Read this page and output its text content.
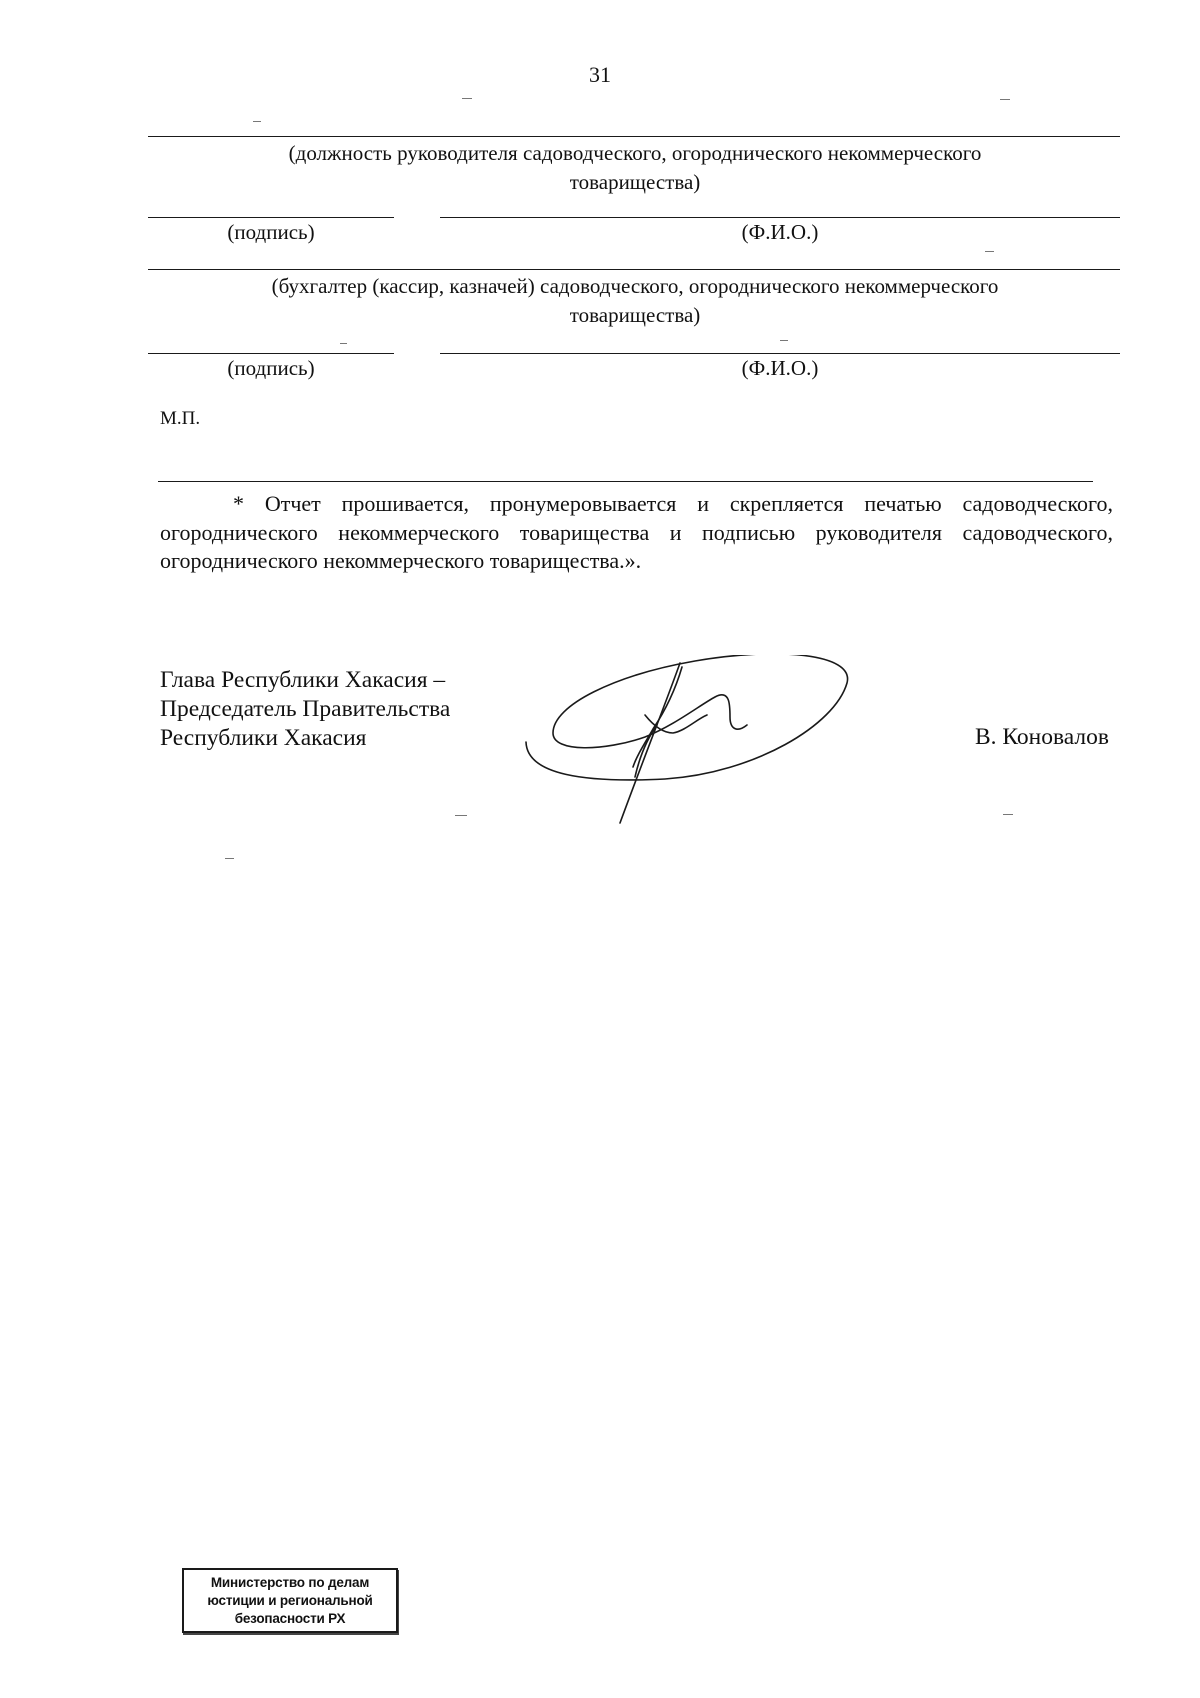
31
(должность руководителя садоводческого, огороднического некоммерческого товарищества)
(подпись)	(Ф.И.О.)
(бухгалтер (кассир, казначей) садоводческого, огороднического некоммерческого товарищества)
(подпись)	(Ф.И.О.)
М.П.
* Отчет прошивается, пронумеровывается и скрепляется печатью садоводческого, огороднического некоммерческого товарищества и подписью руководителя садоводческого, огороднического некоммерческого товарищества.».
Глава Республики Хакасия –
Председатель Правительства
Республики Хакасия	В. Коновалов
Министерство по делам
юстиции и региональной
безопасности РХ
